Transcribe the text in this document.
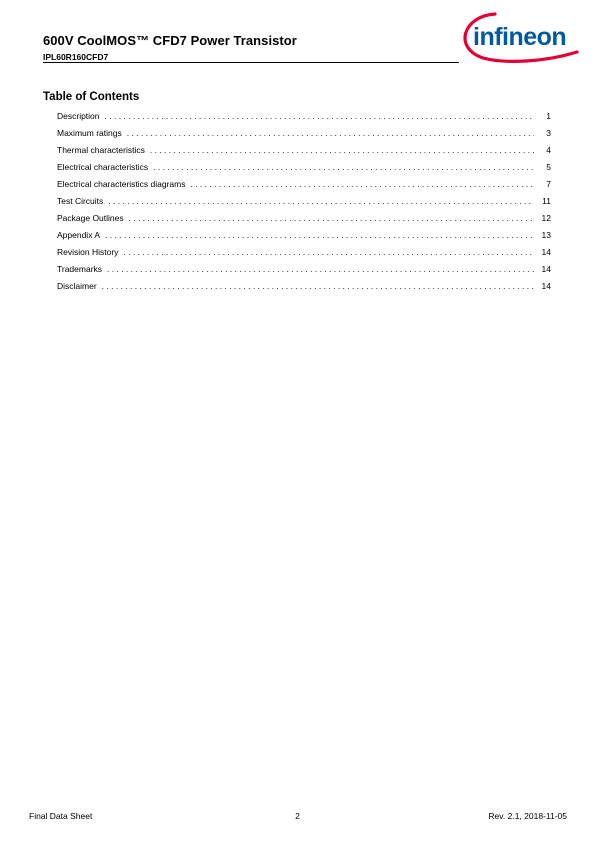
600V CoolMOS™ CFD7 Power Transistor
IPL60R160CFD7
infineon
Table of Contents
Description . . .	1
Maximum ratings . . .	3
Thermal characteristics . . .	4
Electrical characteristics . . .	5
Electrical characteristics diagrams . . .	7
Test Circuits . . .	11
Package Outlines . . .	12
Appendix A . . .	13
Revision History . . .	14
Trademarks . . .	14
Disclaimer . . .	14
Final Data Sheet	2	Rev. 2.1, 2018-11-05
